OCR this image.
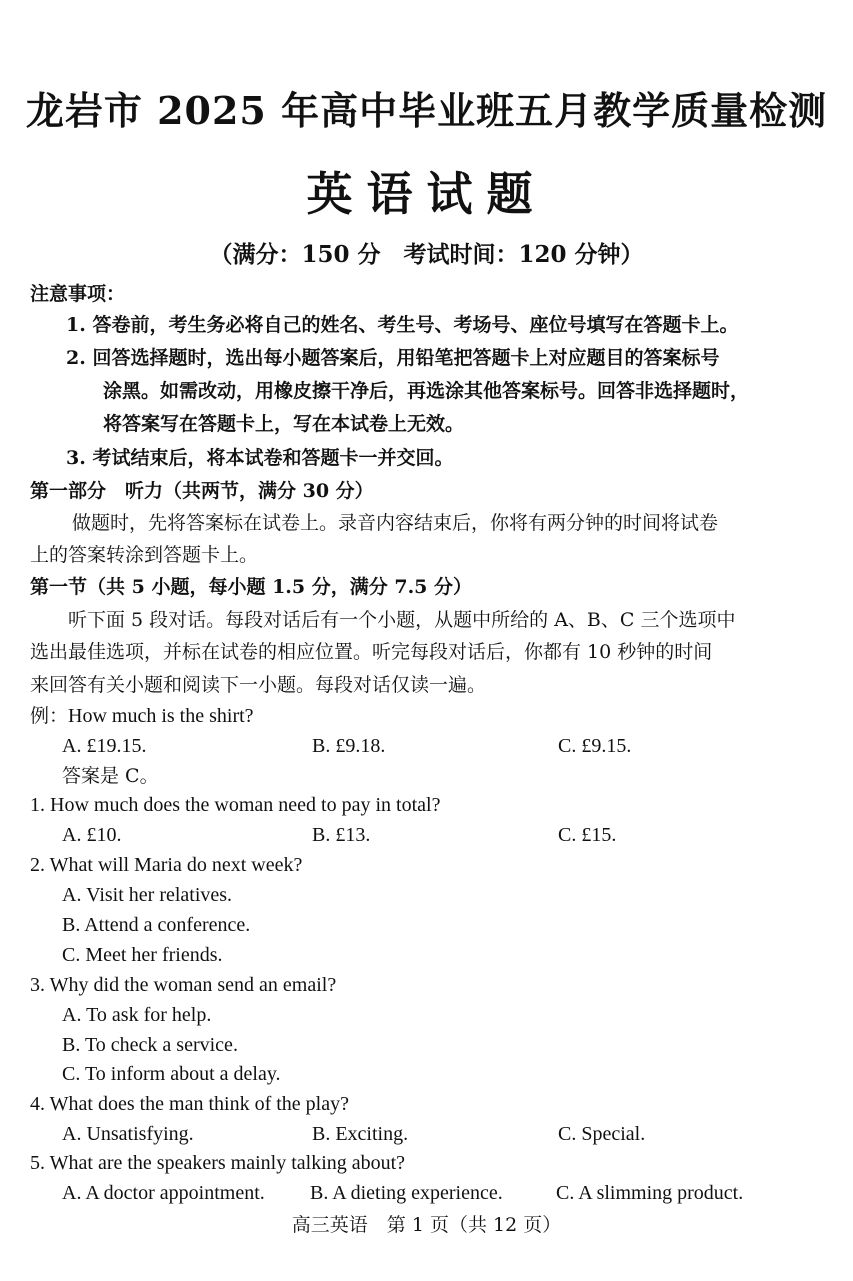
龙岩市 2025 年高中毕业班五月教学质量检测
英语试题
（满分：150 分　考试时间：120 分钟）
注意事项：
1. 答卷前，考生务必将自己的姓名、考生号、考场号、座位号填写在答题卡上。
2. 回答选择题时，选出每小题答案后，用铅笔把答题卡上对应题目的答案标号
涂黑。如需改动，用橡皮擦干净后，再选涂其他答案标号。回答非选择题时，
将答案写在答题卡上，写在本试卷上无效。
3. 考试结束后，将本试卷和答题卡一并交回。
第一部分　听力（共两节，满分 30 分）
做题时，先将答案标在试卷上。录音内容结束后，你将有两分钟的时间将试卷
上的答案转涂到答题卡上。
第一节（共 5 小题，每小题 1.5 分，满分 7.5 分）
听下面 5 段对话。每段对话后有一个小题，从题中所给的 A、B、C 三个选项中
选出最佳选项，并标在试卷的相应位置。听完每段对话后，你都有 10 秒钟的时间
来回答有关小题和阅读下一小题。每段对话仅读一遍。
例：How much is the shirt?
A. £19.15.	B. £9.18.	C. £9.15.
答案是 C。
1. How much does the woman need to pay in total?
A. £10.	B. £13.	C. £15.
2. What will Maria do next week?
A. Visit her relatives.
B. Attend a conference.
C. Meet her friends.
3. Why did the woman send an email?
A. To ask for help.
B. To check a service.
C. To inform about a delay.
4. What does the man think of the play?
A. Unsatisfying.	B. Exciting.	C. Special.
5. What are the speakers mainly talking about?
A. A doctor appointment. B. A dieting experience.	C. A slimming product.
高三英语　第 1 页（共 12 页）
